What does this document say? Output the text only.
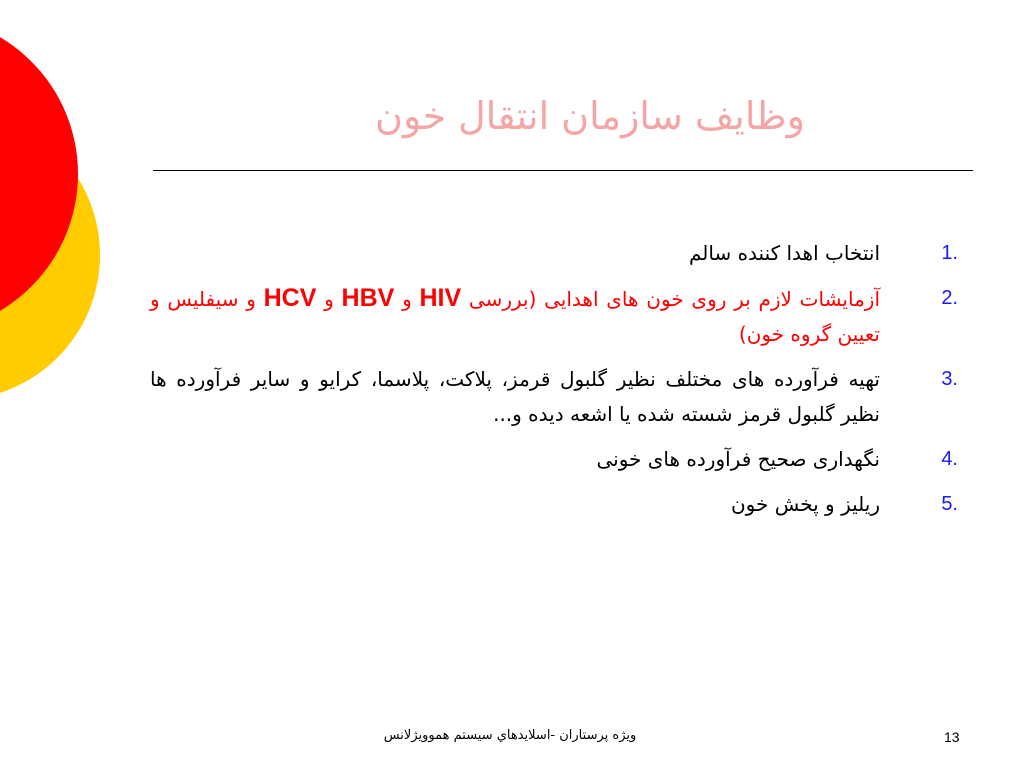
وظایف سازمان انتقال خون
1.
انتخاب اهدا کننده سالم
2.
آزمایشات لازم بر روی خون های اهدایی (بررسی HIV و HBV و HCV و سیفلیس و تعیین گروه خون)
3.
تهیه فرآورده های مختلف نظیر گلبول قرمز، پلاکت، پلاسما، کرایو و سایر فرآورده ها نظیر گلبول قرمز شسته شده یا اشعه دیده و...
4.
نگهداری صحیح فرآورده های خونی
5.
ریلیز و پخش خون
ويژه پرستاران -اسلايدهاي سيستم هموويژلانس	13
